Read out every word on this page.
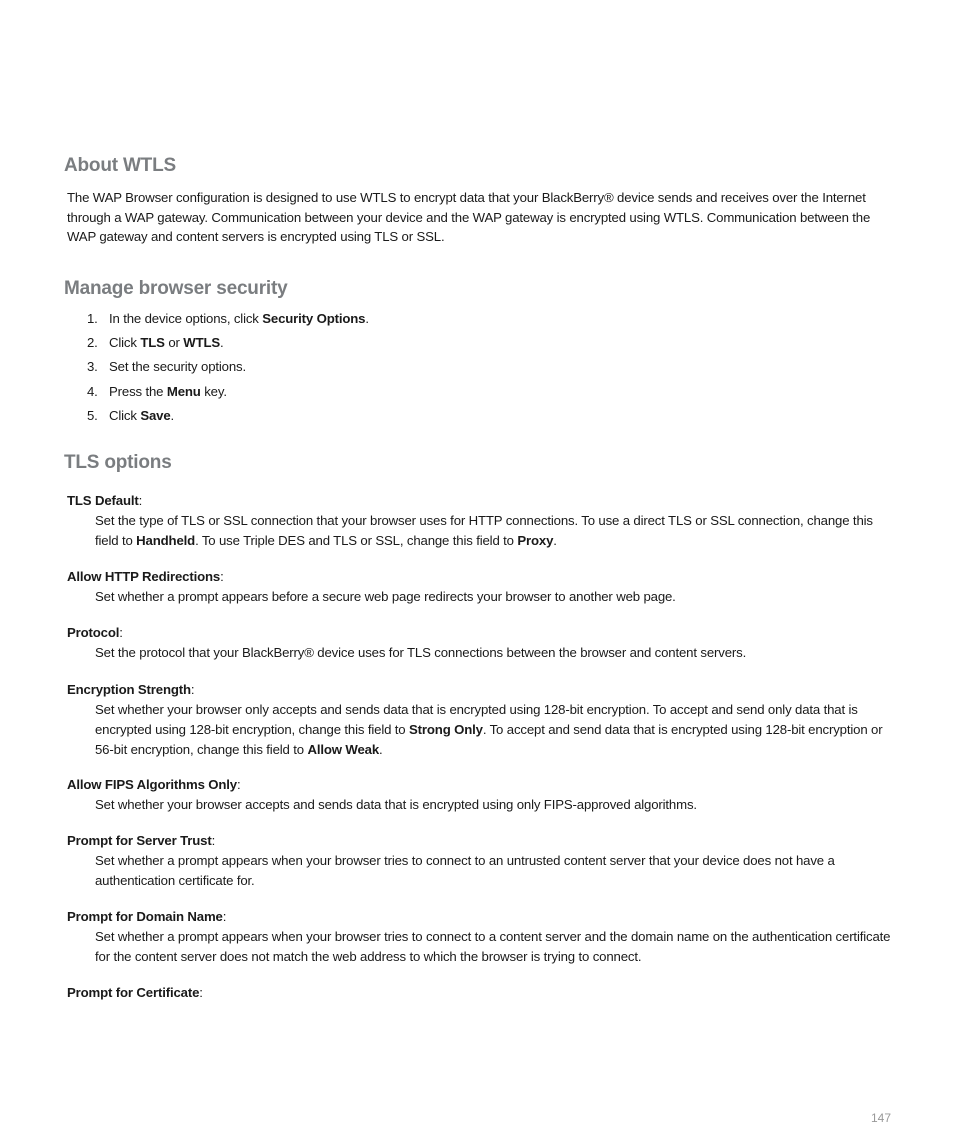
About WTLS

The WAP Browser configuration is designed to use WTLS to encrypt data that your BlackBerry® device sends and receives over the Internet through a WAP gateway. Communication between your device and the WAP gateway is encrypted using WTLS. Communication between the WAP gateway and content servers is encrypted using TLS or SSL.

Manage browser security
1. In the device options, click Security Options.
2. Click TLS or WTLS.
3. Set the security options.
4. Press the Menu key.
5. Click Save.
TLS options
TLS Default:

Set the type of TLS or SSL connection that your browser uses for HTTP connections. To use a direct TLS or SSL connection, change this field to Handheld. To use Triple DES and TLS or SSL, change this field to Proxy.

Allow HTTP Redirections:

Set whether a prompt appears before a secure web page redirects your browser to another web page.

Protocol:

Set the protocol that your BlackBerry® device uses for TLS connections between the browser and content servers.

Encryption Strength:

Set whether your browser only accepts and sends data that is encrypted using 128-bit encryption. To accept and send only data that is encrypted using 128-bit encryption, change this field to Strong Only. To accept and send data that is encrypted using 128-bit encryption or 56-bit encryption, change this field to Allow Weak.

Allow FIPS Algorithms Only:

Set whether your browser accepts and sends data that is encrypted using only FIPS-approved algorithms.

Prompt for Server Trust:

Set whether a prompt appears when your browser tries to connect to an untrusted content server that your device does not have a authentication certificate for.

Prompt for Domain Name:

Set whether a prompt appears when your browser tries to connect to a content server and the domain name on the authentication certificate for the content server does not match the web address to which the browser is trying to connect.

Prompt for Certificate:
147
